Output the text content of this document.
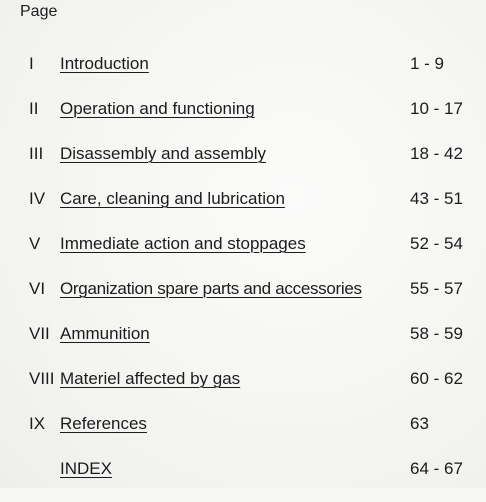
Page
I Introduction	1 - 9
II Operation and functioning	10 - 17
III Disassembly and assembly	18 - 42
IV Care, cleaning and lubrication	43 - 51
V Immediate action and stoppages	52 - 54
VI Organization spare parts and accessories	55 - 57
VII Ammunition	58 - 59
VIII Materiel affected by gas	60 - 62
IX References	63
INDEX	64 - 67
